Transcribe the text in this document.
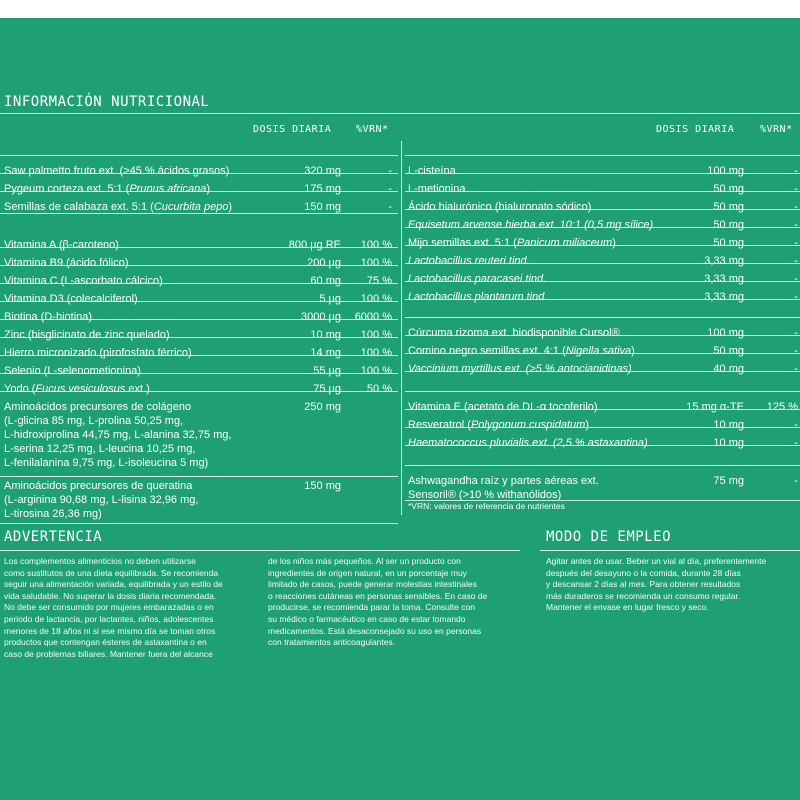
INFORMACIÓN NUTRICIONAL
DOSIS DIARIA %VRN*	DOSIS DIARIA	%VRN*
Saw palmetto fruto ext. (>45 % ácidos grasos)	320 mg	-
Pygeum corteza ext. 5:1 (Prunus africana)	175 mg	-
Semillas de calabaza ext. 5:1 (Cucurbita pepo)	150 mg	-
Vitamina A (β-caroteno)	800 µg RE 100 %
Vitamina B9 (ácido fólico)	200 µg 100 %
Vitamina C (L-ascorbato cálcico)	60 mg 75 %
Vitamina D3 (colecalciferol)	5 µg 100 %
Biotina (D-biotina)	3000 µg 6000 %
Zinc (bisglicinato de zinc quelado)	10 mg 100 %
Hierro micronizado (pirofosfato férrico)	14 mg 100 %
Selenio (L-selenometionina)	55 µg 100 %
Yodo (Fucus vesiculosus ext.)	75 µg 50 %
Aminoácidos precursores de colágeno
(L-glicina 85 mg, L-prolina 50,25 mg,
L-hidroxiprolina 44,75 mg, L-alanina 32,75 mg,
L-serina 12,25 mg, L-leucina 10,25 mg,
L-fenilalanina 9,75 mg, L-isoleucina 5 mg)
250 mg
Aminoácidos precursores de queratina
(L-arginina 90,68 mg, L-lisina 32,96 mg,
L-tirosina 26,36 mg)
150 mg
L-cisteína	100 mg	-
L-metionina	50 mg	-
Ácido hialurónico (hialuronato sódico)	50 mg	-
Equisetum arvense hierba ext. 10:1 (0,5 mg sílice)	50 mg	-
Mijo semillas ext. 5:1 (Panicum miliaceum)	50 mg	-
Lactobacillus reuteri tind.	3,33 mg	-
Lactobacillus paracasei tind.	3,33 mg	-
Lactobacillus plantarum tind.	3,33 mg	-
Cúrcuma rizoma ext. biodisponible Cursol®	100 mg	-
Comino negro semillas ext. 4:1 (Nigella sativa)	50 mg	-
Vaccinium myrtillus ext. (>5 % antocianidinas)	40 mg	-
Vitamina E (acetato de DL-α tocoferilo)	15 mg α-TE 125 %
Resveratrol (Polygonum cuspidatum)	10 mg	-
Haematococcus pluvialis ext. (2,5 % astaxantina)	10 mg	-
Ashwagandha raíz y partes aéreas ext.
Sensoril® (>10 % withanólidos)
75 mg	-
*VRN: valores de referencia de nutrientes
ADVERTENCIA
Los complementos alimenticios no deben utilizarse
como sustitutos de una dieta equilibrada. Se recomienda
seguir una alimentación variada, equilibrada y un estilo de
vida saludable. No superar la dosis diaria recomendada.
No debe ser consumido por mujeres embarazadas o en
periodo de lactancia, por lactantes, niños, adolescentes
menores de 18 años ni si ese mismo día se toman otros
productos que contengan ésteres de astaxantina o en
caso de problemas biliares. Mantener fuera del alcance
de los niños más pequeños. Al ser un producto con
ingredientes de origen natural, en un porcentaje muy
limitado de casos, puede generar molestias intestinales
o reacciones cutáneas en personas sensibles. En caso de
producirse, se recomienda parar la toma. Consulte con
su médico o farmacéutico en caso de estar tomando
medicamentos. Está desaconsejado su uso en personas
con tratamientos anticoagulantes.
MODO DE EMPLEO
Agitar antes de usar. Beber un vial al día, preferentemente
después del desayuno o la comida, durante 28 días
y descansar 2 días al mes. Para obtener resultados
más duraderos se recomienda un consumo regular.
Mantener el envase en lugar fresco y seco.
